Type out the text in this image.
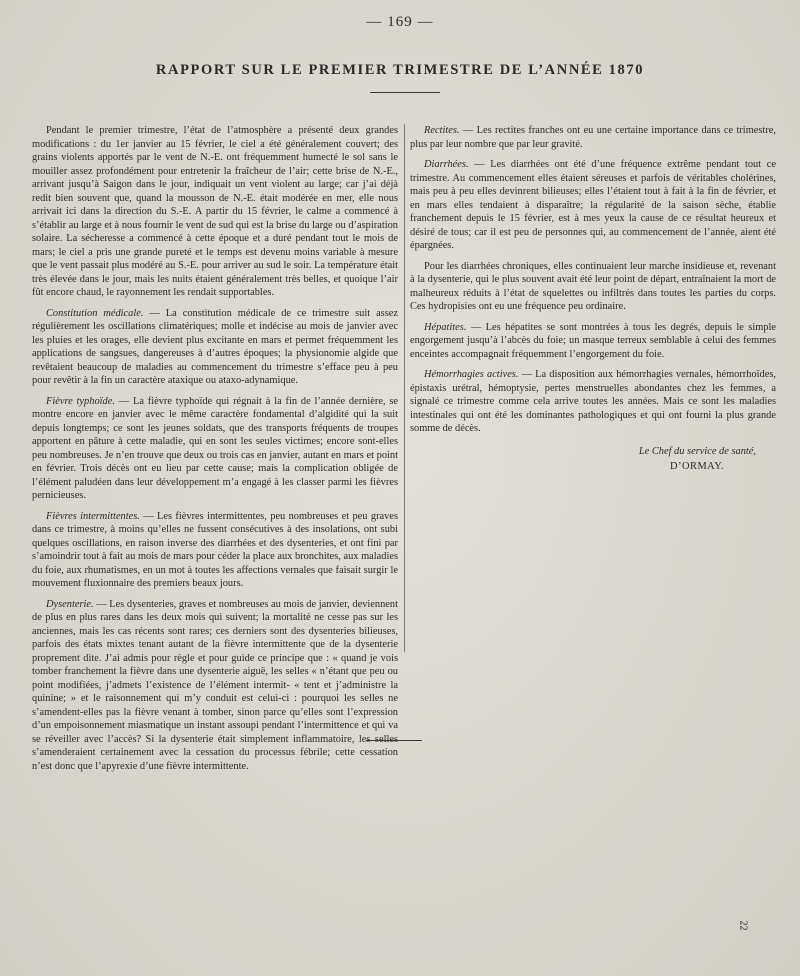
— 169 —
RAPPORT SUR LE PREMIER TRIMESTRE DE L’ANNÉE 1870

Pendant le premier trimestre, l’état de l’atmosphère a présenté deux grandes modifications : du 1er janvier au 15 février, le ciel a été généralement couvert; des grains violents apportés par le vent de N.-E. ont fréquemment humecté le sol sans le mouiller assez profondément pour entretenir la fraîcheur de l’air; cette brise de N.-E., arrivant jusqu’à Saigon dans le jour, indiquait un vent violent au large; car j’ai déjà redit bien souvent que, quand la mousson de N.-E. était modérée en mer, elle nous arrivait ici dans la direction du S.-E. A partir du 15 février, le calme a commencé à s’établir au large et à nous fournir le vent de sud qui est la brise du large ou d’aspiration solaire. La sécheresse a commencé à cette époque et a duré pendant tout le mois de mars; le ciel a pris une grande pureté et le temps est devenu moins variable à mesure que le vent passait plus modéré au S.-E. pour arriver au sud le soir. La température était très élevée dans le jour, mais les nuits étaient généralement très belles, et quoique l’air fût encore chaud, le rayonnement les rendait supportables.

Constitution médicale. — La constitution médicale de ce trimestre suit assez régulièrement les oscillations climatériques; molle et indécise au mois de janvier avec les pluies et les orages, elle devient plus excitante en mars et permet fréquemment les applications de sangsues, dangereuses à d’autres époques; la physionomie algide que revêtaient beaucoup de maladies au commencement du trimestre s’efface peu à peu pour revêtir à la fin un caractère ataxique ou ataxo-adynamique.

Fièvre typhoïde. — La fièvre typhoïde qui régnait à la fin de l’année dernière, se montre encore en janvier avec le même caractère fondamental d’algidité qui la suit depuis longtemps; ce sont les jeunes soldats, que des transports fréquents de troupes apportent en pâture à cette maladie, qui en sont les seules victimes; encore sont-elles peu nombreuses. Je n’en trouve que deux ou trois cas en janvier, autant en mars et point en février. Trois décès ont eu lieu par cette cause; mais la complication obligée de l’élément paludéen dans leur développement m’a engagé à les classer parmi les fièvres pernicieuses.

Fièvres intermittentes. — Les fièvres intermittentes, peu nombreuses et peu graves dans ce trimestre, à moins qu’elles ne fussent consécutives à des insolations, ont subi quelques oscillations, en raison inverse des diarrhées et des dysenteries, et ont fini par s’amoindrir tout à fait au mois de mars pour céder la place aux bronchites, aux maladies du foie, aux rhumatismes, en un mot à toutes les affections vernales que faisait surgir le mouvement fluxionnaire des premiers beaux jours.

Dysenterie. — Les dysenteries, graves et nombreuses au mois de janvier, deviennent de plus en plus rares dans les deux mois qui suivent; la mortalité ne cesse pas sur les anciennes, mais les cas récents sont rares; ces derniers sont des dysenteries bilieuses, parfois des états mixtes tenant autant de la fièvre intermittente que de la dysenterie proprement dite. J’ai admis pour règle et pour guide ce principe que : « quand je vois tomber franchement la fièvre dans une dysenterie aiguë, les selles « n’étant que peu ou point modifiées, j’admets l’existence de l’élément intermit- « tent et j’administre la quinine; » et le raisonnement qui m’y conduit est celui-ci : pourquoi les selles ne s’amendent-elles pas la fièvre venant à tomber, sinon parce qu’elles sont l’expression d’un empoisonnement miasmatique un instant assoupi pendant l’intermittence et qui va se réveiller avec l’accès? Si la dysenterie était simplement inflammatoire, les selles s’amenderaient certainement avec la cessation du processus fébrile; cette cessation n’est donc que l’apyrexie d’une fièvre intermittente.

Rectites. — Les rectites franches ont eu une certaine importance dans ce trimestre, plus par leur nombre que par leur gravité.

Diarrhées. — Les diarrhées ont été d’une fréquence extrême pendant tout ce trimestre. Au commencement elles étaient séreuses et parfois de véritables cholérines, mais peu à peu elles devinrent bilieuses; elles l’étaient tout à fait à la fin de février, et en mars elles tendaient à disparaître; la régularité de la saison sèche, établie franchement depuis le 15 février, est à mes yeux la cause de ce résultat heureux et désiré de tous; car il est peu de personnes qui, au commencement de l’année, aient été épargnées.

Pour les diarrhées chroniques, elles continuaient leur marche insidieuse et, revenant à la dysenterie, qui le plus souvent avait été leur point de départ, entraînaient la mort de malheureux réduits à l’état de squelettes ou infiltrés dans toutes les parties du corps. Ces hydropisies ont eu une fréquence peu ordinaire.

Hépatites. — Les hépatites se sont montrées à tous les degrés, depuis le simple engorgement jusqu’à l’abcès du foie; un masque terreux semblable à celui des femmes enceintes accompagnait fréquemment l’engorgement du foie.

Hémorrhagies actives. — La disposition aux hémorrhagies vernales, hémorrhoïdes, épistaxis urétral, hémoptysie, pertes menstruelles abondantes chez les femmes, a signalé ce trimestre comme cela arrive toutes les années. Mais ce sont les maladies intestinales qui ont été les dominantes pathologiques et qui ont fourni la plus grande somme de décès.

Le Chef du service de santé,
D’ORMAY.
22
